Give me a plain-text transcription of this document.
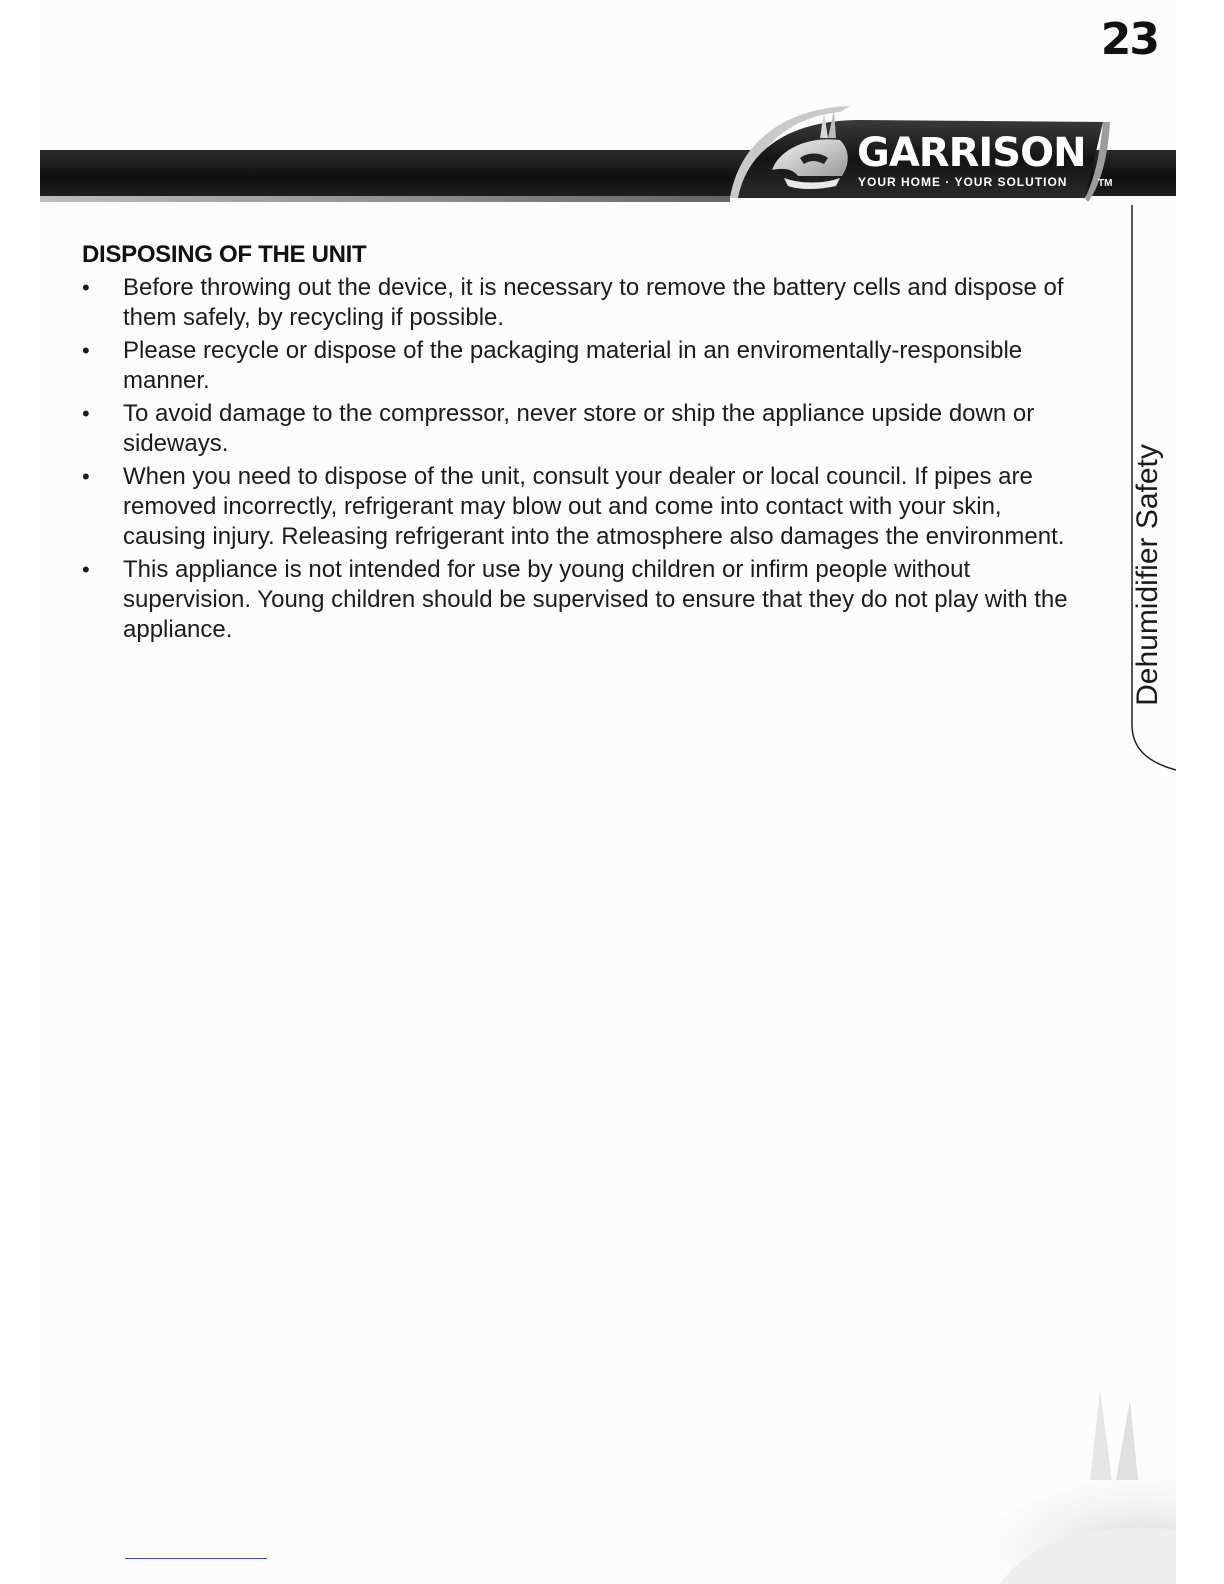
23
GARRISON
YOUR HOME · YOUR SOLUTION	TM
DISPOSING OF THE UNIT
• Before throwing out the device, it is necessary to remove the battery cells and dispose of them safely, by recycling if possible.
• Please recycle or dispose of the packaging material in an enviromentally-responsible manner.
• To avoid damage to the compressor, never store or ship the appliance upside down or sideways.
• When you need to dispose of the unit, consult your dealer or local council. If pipes are removed incorrectly, refrigerant may blow out and come into contact with your skin, causing injury. Releasing refrigerant into the atmosphere also damages the environment.
• This appliance is not intended for use by young children or infirm people without supervision. Young children should be supervised to ensure that they do not play with the appliance.	Dehumidifier Safety
